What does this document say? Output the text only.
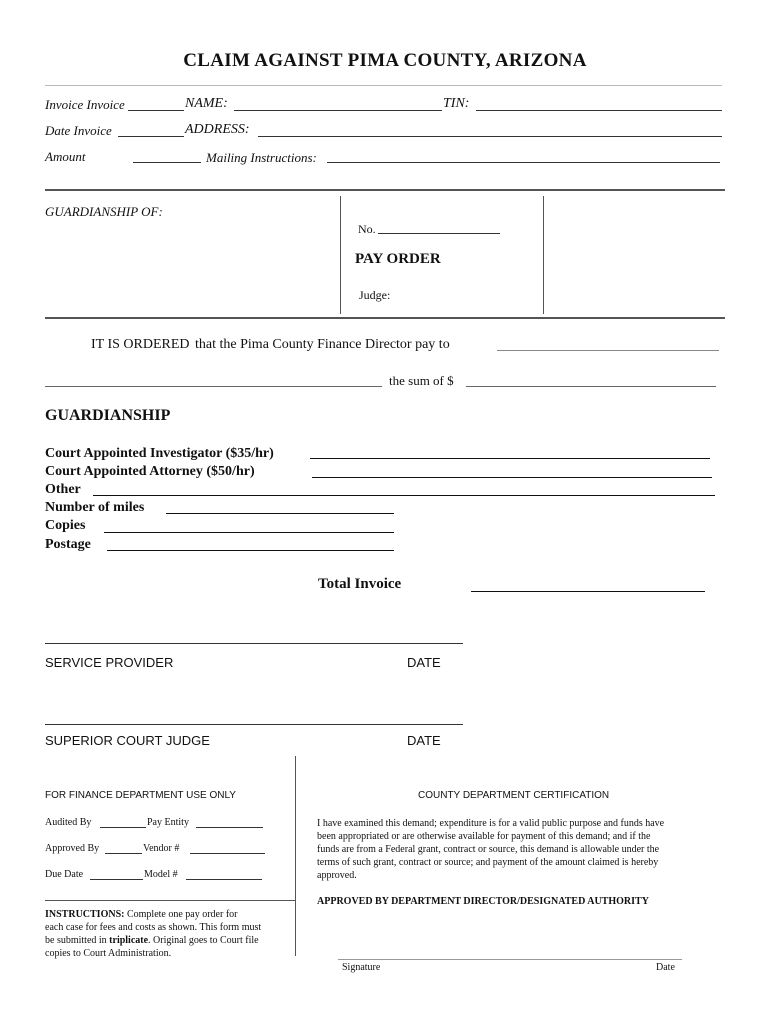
CLAIM AGAINST PIMA COUNTY, ARIZONA
Invoice Invoice	NAME:	TIN:
Date Invoice	ADDRESS:
Amount	Mailing Instructions:
GUARDIANSHIP OF:
No.
PAY ORDER
Judge:
IT IS ORDERED that the Pima County Finance Director pay to
the sum of $
GUARDIANSHIP
Court Appointed Investigator ($35/hr)
Court Appointed Attorney ($50/hr)
Other
Number of miles
Copies
Postage
Total Invoice
SERVICE PROVIDER	DATE
SUPERIOR COURT JUDGE	DATE
FOR FINANCE DEPARTMENT USE ONLY
Audited By	Pay Entity
Approved By	Vendor #
Due Date	Model #
INSTRUCTIONS: Complete one pay order for
each case for fees and costs as shown. This form must
be submitted in triplicate. Original goes to Court file
copies to Court Administration.
COUNTY DEPARTMENT CERTIFICATION
I have examined this demand; expenditure is for a valid public purpose and funds have
been appropriated or are otherwise available for payment of this demand; and if the
funds are from a Federal grant, contract or source, this demand is allowable under the
terms of such grant, contract or source; and payment of the amount claimed is hereby
approved.
APPROVED BY DEPARTMENT DIRECTOR/DESIGNATED AUTHORITY
Signature	Date
